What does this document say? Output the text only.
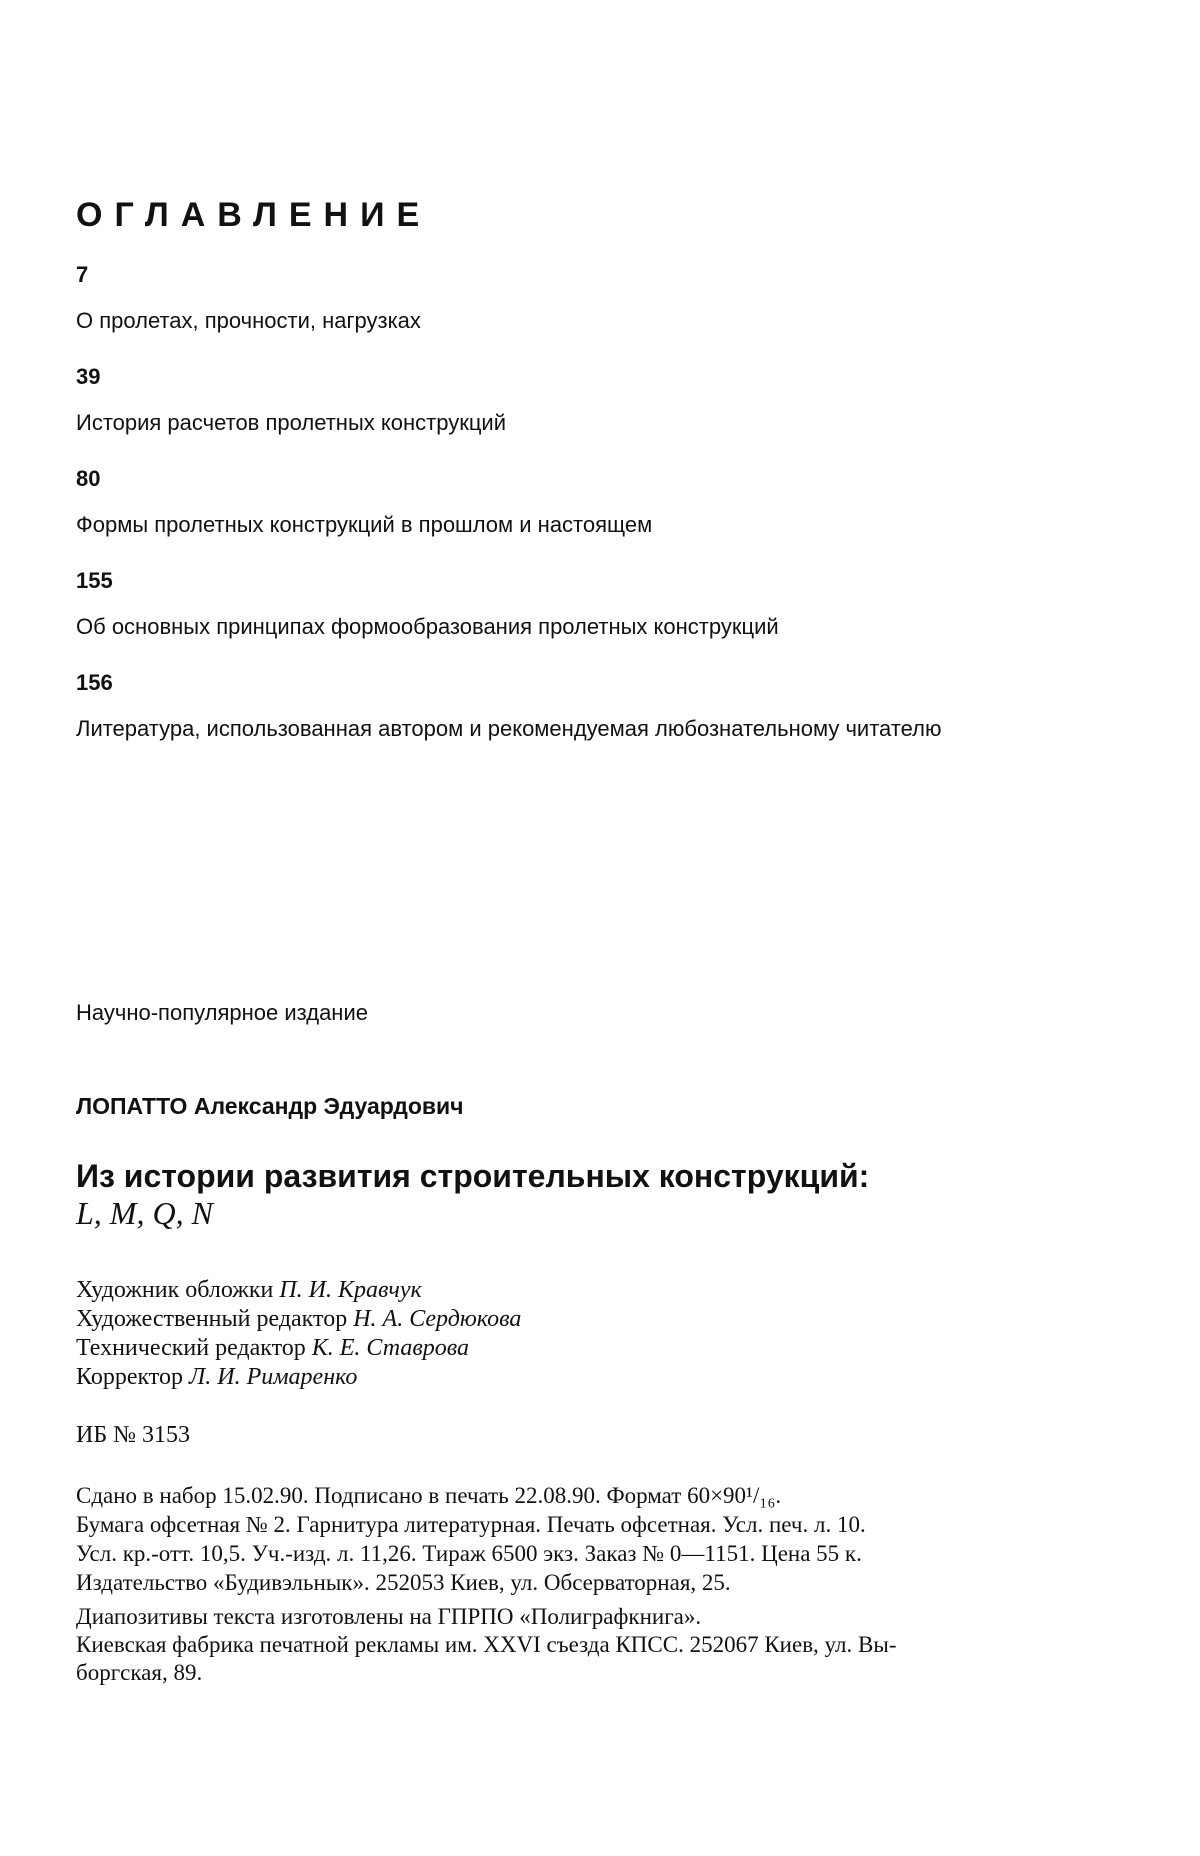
ОГЛАВЛЕНИЕ
7
О пролетах, прочности, нагрузках
39
История расчетов пролетных конструкций
80
Формы пролетных конструкций в прошлом и настоящем
155
Об основных принципах формообразования пролетных конструкций
156
Литература, использованная автором и рекомендуемая любознательному читателю

Научно-популярное издание

ЛОПАТТО Александр Эдуардович

Из истории развития строительных конструкций:

L, M, Q, N
Художник обложки П. И. Кравчук
Художественный редактор Н. А. Сердюкова
Технический редактор К. Е. Ставрова
Корректор Л. И. Римаренко
ИБ № 3153
Сдано в набор 15.02.90. Подписано в печать 22.08.90. Формат 60×90¹/₁₆.
Бумага офсетная № 2. Гарнитура литературная. Печать офсетная. Усл. печ. л. 10.
Усл. кр.-отт. 10,5. Уч.-изд. л. 11,26. Тираж 6500 экз. Заказ № 0—1151. Цена 55 к.
Издательство «Будивэльнык». 252053 Киев, ул. Обсерваторная, 25.
Диапозитивы текста изготовлены на ГПРПО «Полиграфкнига».
Киевская фабрика печатной рекламы им. XXVI съезда КПСС. 252067 Киев, ул. Вы-
боргская, 89.
